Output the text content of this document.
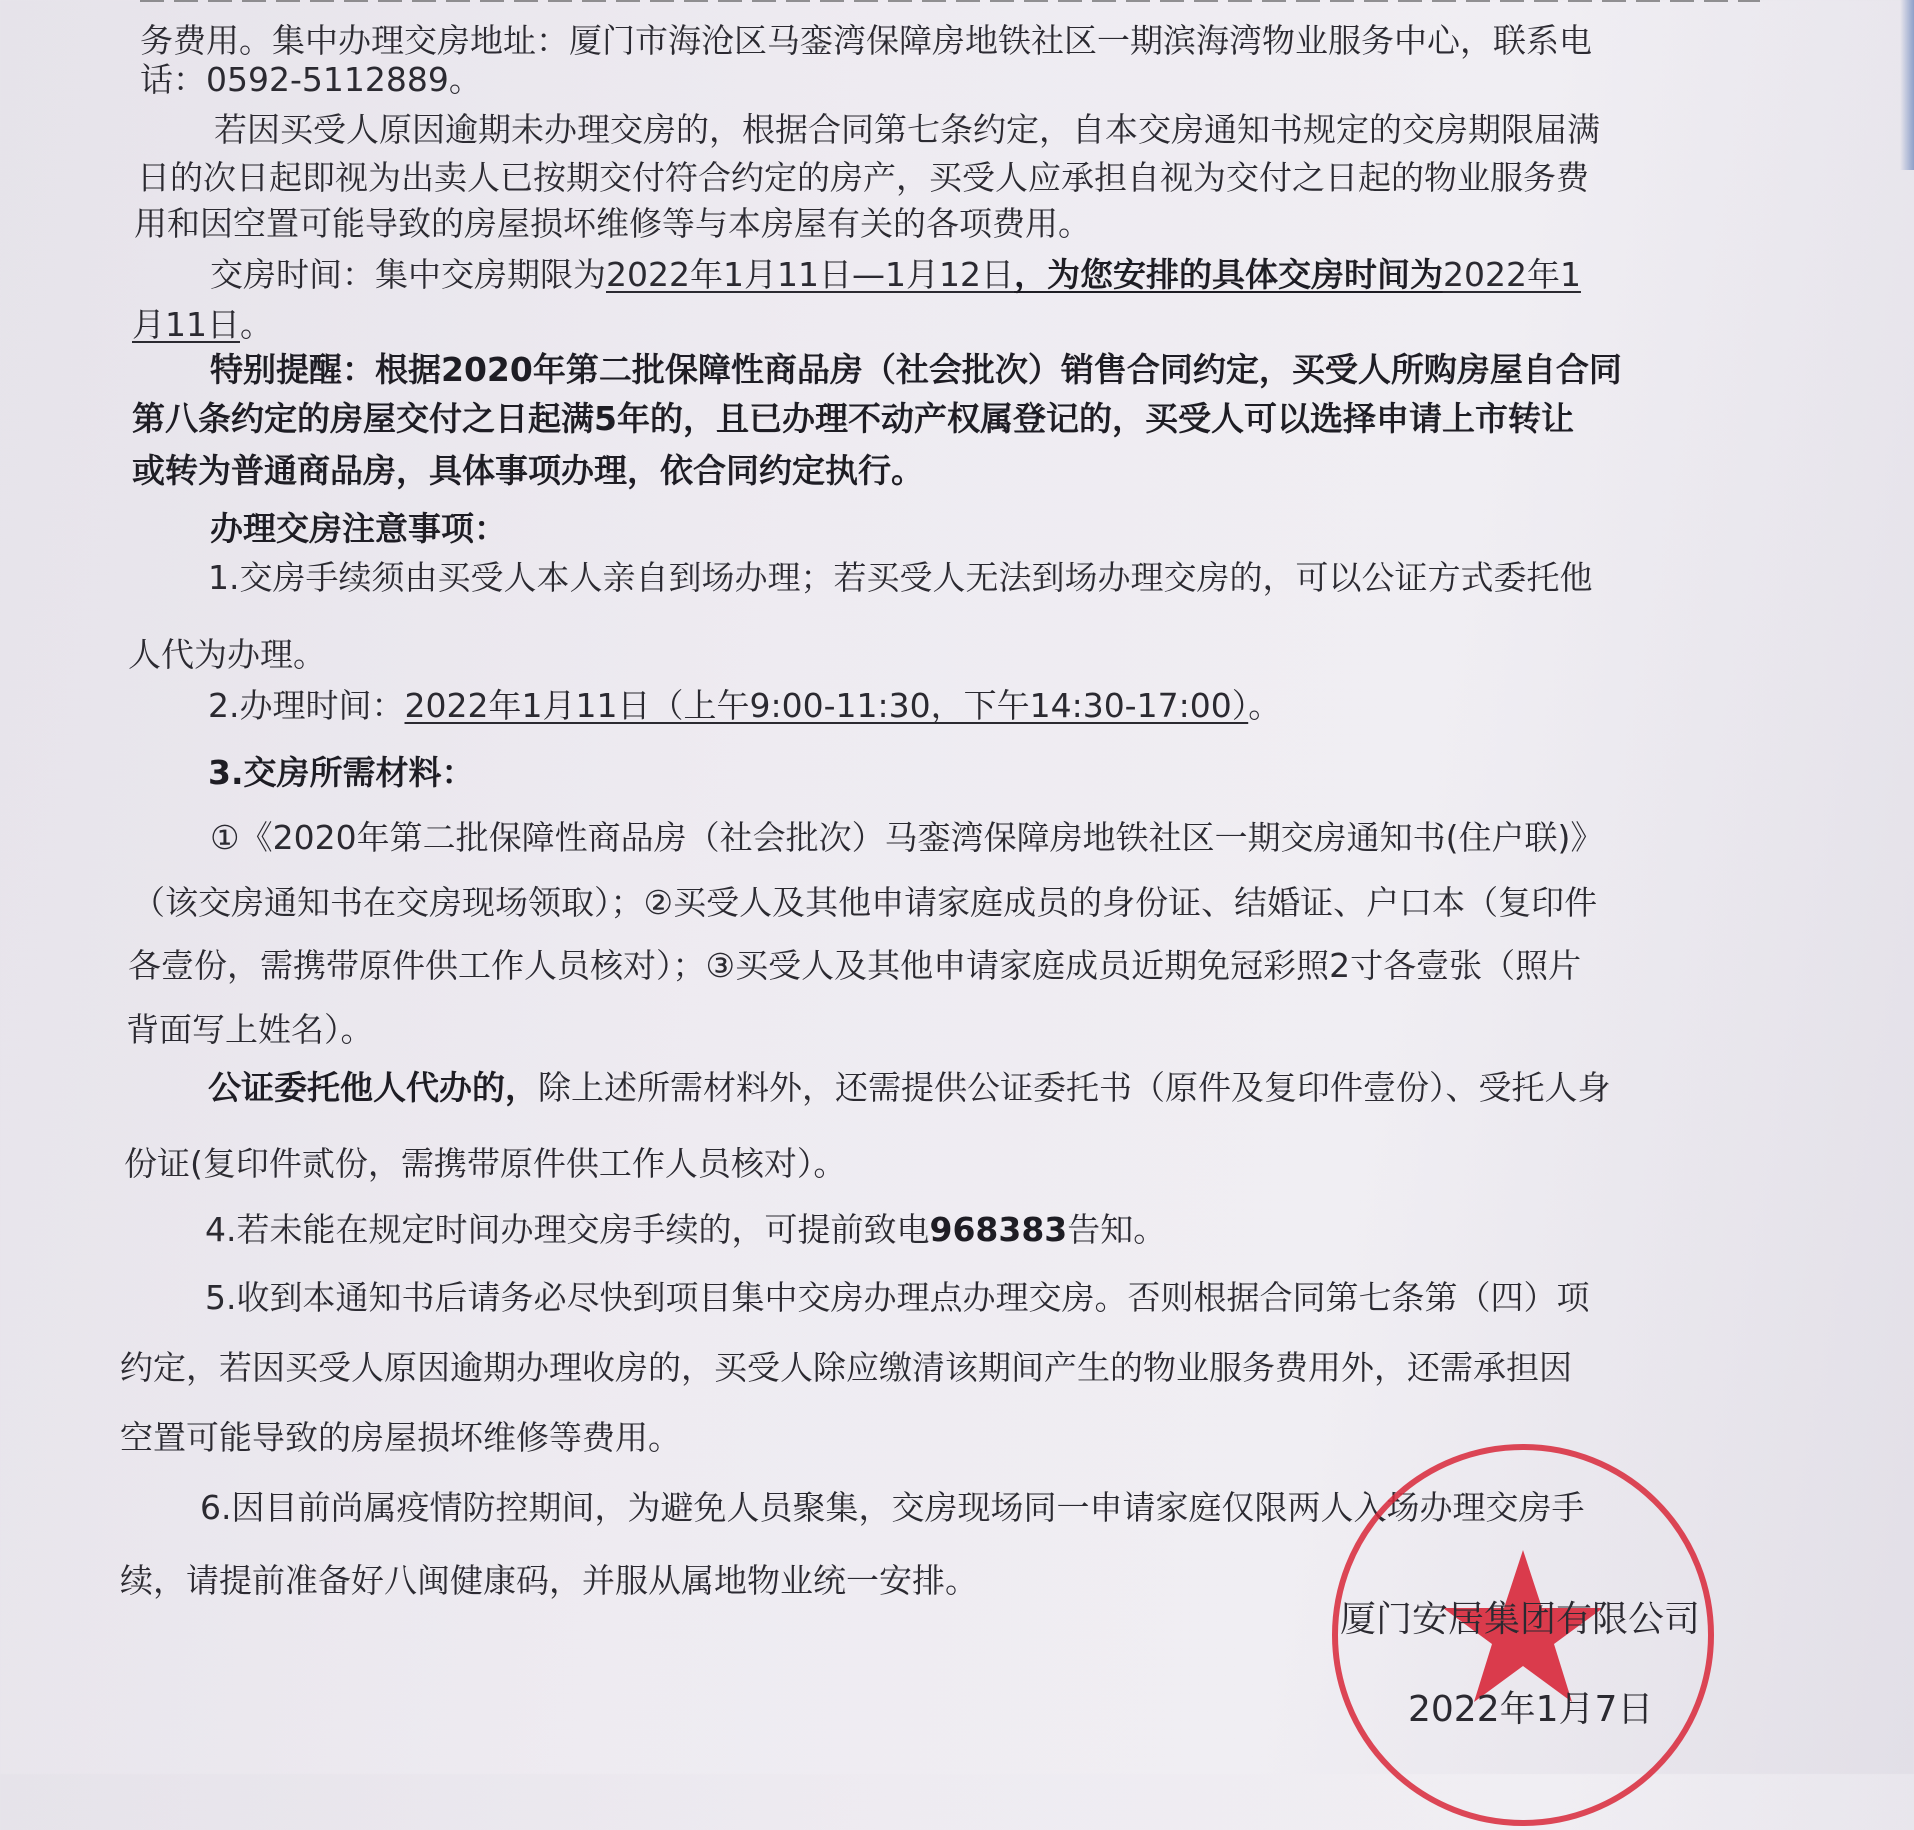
务费用。集中办理交房地址：厦门市海沧区马銮湾保障房地铁社区一期滨海湾物业服务中心，联系电
话：0592-5112889。
若因买受人原因逾期未办理交房的，根据合同第七条约定，自本交房通知书规定的交房期限届满
日的次日起即视为出卖人已按期交付符合约定的房产，买受人应承担自视为交付之日起的物业服务费
用和因空置可能导致的房屋损坏维修等与本房屋有关的各项费用。
交房时间：集中交房期限为2022年1月11日—1月12日，为您安排的具体交房时间为2022年1
月11日。
特别提醒：根据2020年第二批保障性商品房（社会批次）销售合同约定，买受人所购房屋自合同
第八条约定的房屋交付之日起满5年的，且已办理不动产权属登记的，买受人可以选择申请上市转让
或转为普通商品房，具体事项办理，依合同约定执行。
办理交房注意事项：
1.交房手续须由买受人本人亲自到场办理；若买受人无法到场办理交房的，可以公证方式委托他
人代为办理。
2.办理时间：2022年1月11日（上午9:00-11:30，下午14:30-17:00）。
3.交房所需材料：
①《2020年第二批保障性商品房（社会批次）马銮湾保障房地铁社区一期交房通知书(住户联)》
（该交房通知书在交房现场领取）；②买受人及其他申请家庭成员的身份证、结婚证、户口本（复印件
各壹份，需携带原件供工作人员核对）；③买受人及其他申请家庭成员近期免冠彩照2寸各壹张（照片
背面写上姓名）。
公证委托他人代办的，除上述所需材料外，还需提供公证委托书（原件及复印件壹份）、受托人身
份证(复印件贰份，需携带原件供工作人员核对）。
4.若未能在规定时间办理交房手续的，可提前致电968383告知。
5.收到本通知书后请务必尽快到项目集中交房办理点办理交房。否则根据合同第七条第（四）项
约定，若因买受人原因逾期办理收房的，买受人除应缴清该期间产生的物业服务费用外，还需承担因
空置可能导致的房屋损坏维修等费用。
6.因目前尚属疫情防控期间，为避免人员聚集，交房现场同一申请家庭仅限两人入场办理交房手
续，请提前准备好八闽健康码，并服从属地物业统一安排。
厦门安居集团有限公司
2022年1月7日
